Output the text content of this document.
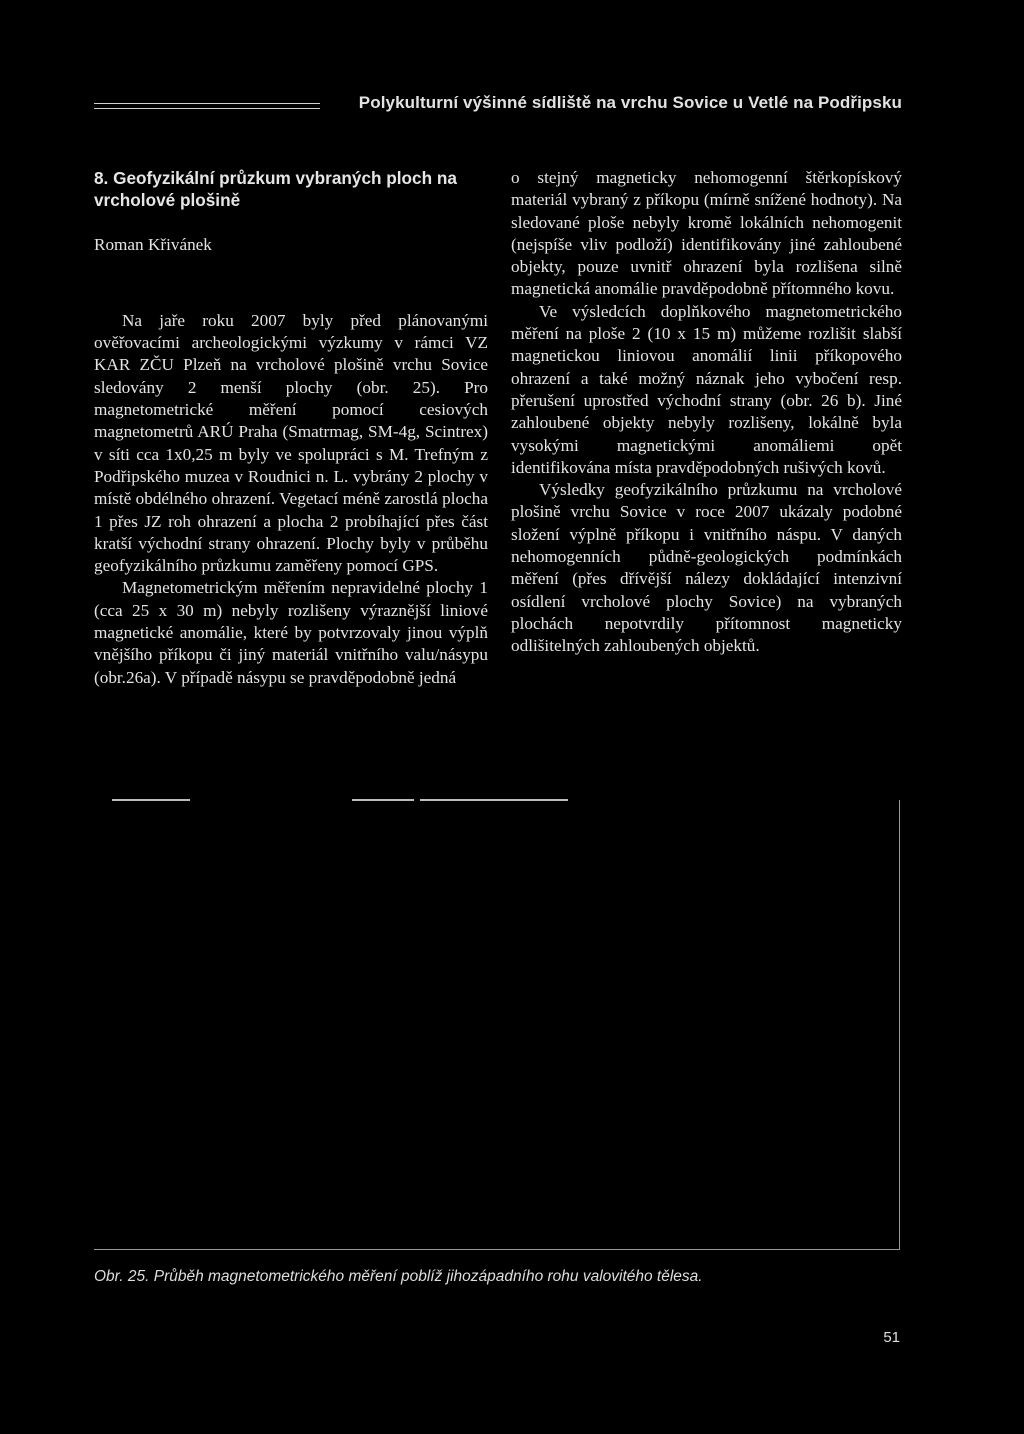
Polykulturní výšinné sídliště na vrchu Sovice u Vetlé na Podřipsku

8. Geofyzikální průzkum vybraných ploch na vrcholové plošině

Roman Křivánek

Na jaře roku 2007 byly před plánovanými ověřovacími archeologickými výzkumy v rámci VZ KAR ZČU Plzeň na vrcholové plošině vrchu Sovice sledovány 2 menší plochy (obr. 25). Pro magnetometrické měření pomocí cesiových magnetometrů ARÚ Praha (Smatrmag, SM-4g, Scintrex) v síti cca 1x0,25 m byly ve spolupráci s M. Trefným z Podřipského muzea v Roudnici n. L. vybrány 2 plochy v místě obdélného ohrazení. Vegetací méně zarostlá plocha 1 přes JZ roh ohrazení a plocha 2 probíhající přes část kratší východní strany ohrazení. Plochy byly v průběhu geofyzikálního průzkumu zaměřeny pomocí GPS.

Magnetometrickým měřením nepravidelné plochy 1 (cca 25 x 30 m) nebyly rozlišeny výraznější liniové magnetické anomálie, které by potvrzovaly jinou výplň vnějšího příkopu či jiný materiál vnitřního valu/násypu (obr.26a). V případě násypu se pravděpodobně jedná

o stejný magneticky nehomogenní štěrkopískový materiál vybraný z příkopu (mírně snížené hodnoty). Na sledované ploše nebyly kromě lokálních nehomogenit (nejspíše vliv podloží) identifikovány jiné zahloubené objekty, pouze uvnitř ohrazení byla rozlišena silně magnetická anomálie pravděpodobně přítomného kovu.

Ve výsledcích doplňkového magnetometrického měření na ploše 2 (10 x 15 m) můžeme rozlišit slabší magnetickou liniovou anomálií linii příkopového ohrazení a také možný náznak jeho vybočení resp. přerušení uprostřed východní strany (obr. 26 b). Jiné zahloubené objekty nebyly rozlišeny, lokálně byla vysokými magnetickými anomáliemi opět identifikována místa pravděpodobných rušivých kovů.

Výsledky geofyzikálního průzkumu na vrcholové plošině vrchu Sovice v roce 2007 ukázaly podobné složení výplně příkopu i vnitřního náspu. V daných nehomogenních půdně-geologických podmínkách měření (přes dřívější nálezy dokládající intenzivní osídlení vrcholové plochy Sovice) na vybraných plochách nepotvrdily přítomnost magneticky odlišitelných zahloubených objektů.

Obr. 25. Průběh magnetometrického měření poblíž jihozápadního rohu valovitého tělesa.
51
